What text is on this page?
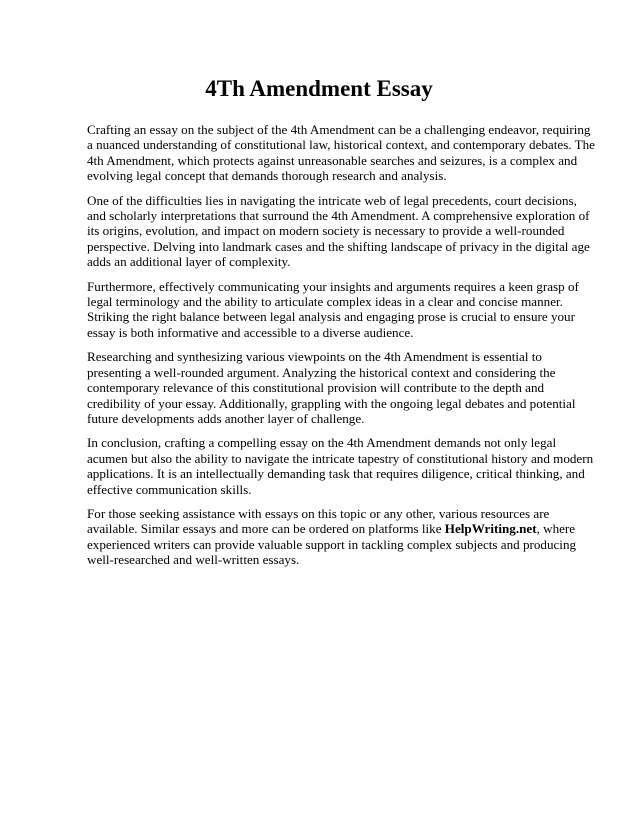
4Th Amendment Essay

Crafting an essay on the subject of the 4th Amendment can be a challenging endeavor, requiring a nuanced understanding of constitutional law, historical context, and contemporary debates. The 4th Amendment, which protects against unreasonable searches and seizures, is a complex and evolving legal concept that demands thorough research and analysis.

One of the difficulties lies in navigating the intricate web of legal precedents, court decisions, and scholarly interpretations that surround the 4th Amendment. A comprehensive exploration of its origins, evolution, and impact on modern society is necessary to provide a well-rounded perspective. Delving into landmark cases and the shifting landscape of privacy in the digital age adds an additional layer of complexity.

Furthermore, effectively communicating your insights and arguments requires a keen grasp of legal terminology and the ability to articulate complex ideas in a clear and concise manner. Striking the right balance between legal analysis and engaging prose is crucial to ensure your essay is both informative and accessible to a diverse audience.

Researching and synthesizing various viewpoints on the 4th Amendment is essential to presenting a well-rounded argument. Analyzing the historical context and considering the contemporary relevance of this constitutional provision will contribute to the depth and credibility of your essay. Additionally, grappling with the ongoing legal debates and potential future developments adds another layer of challenge.

In conclusion, crafting a compelling essay on the 4th Amendment demands not only legal acumen but also the ability to navigate the intricate tapestry of constitutional history and modern applications. It is an intellectually demanding task that requires diligence, critical thinking, and effective communication skills.

For those seeking assistance with essays on this topic or any other, various resources are available. Similar essays and more can be ordered on platforms like HelpWriting.net, where experienced writers can provide valuable support in tackling complex subjects and producing well-researched and well-written essays.
